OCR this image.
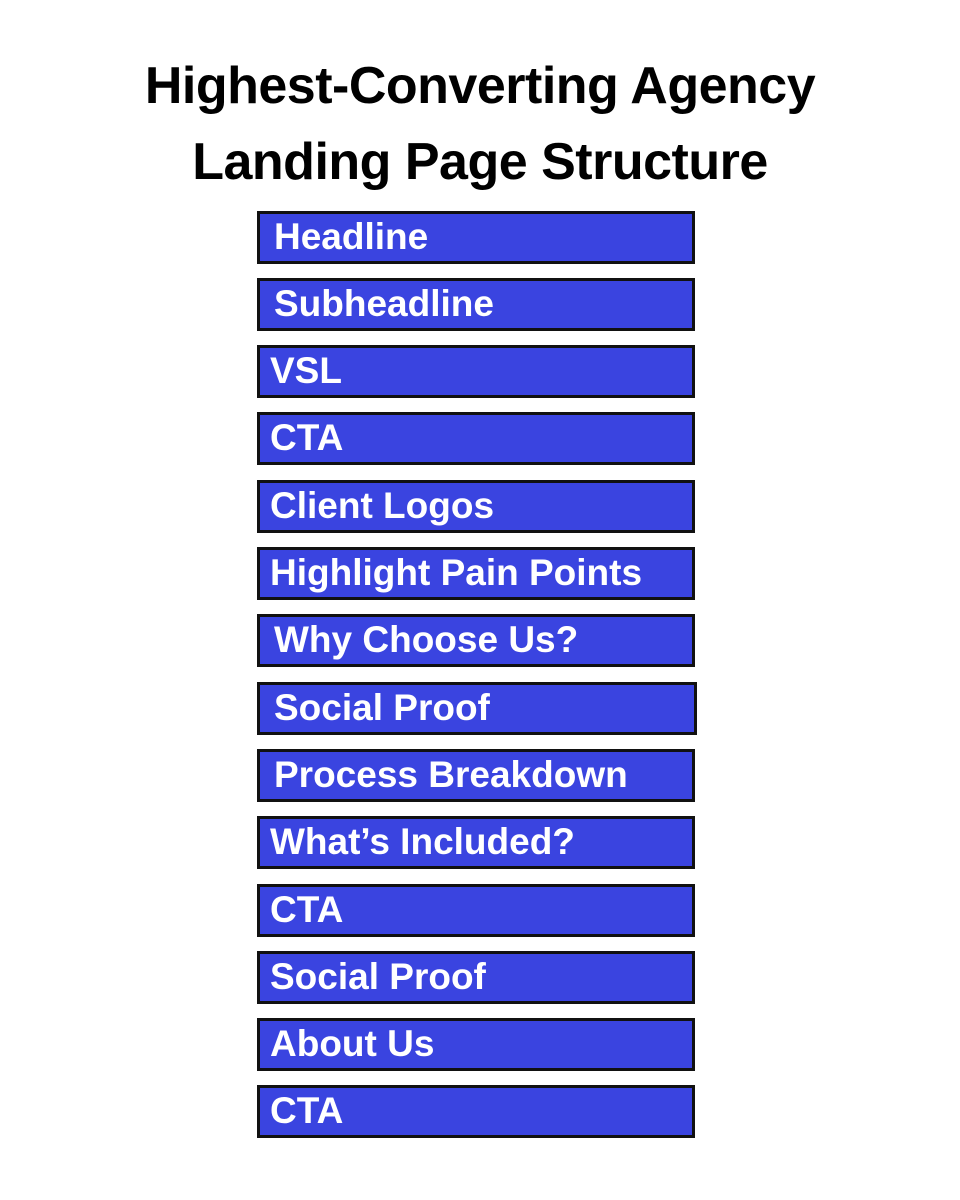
Highest-Converting Agency
Landing Page Structure
Headline
Subheadline
VSL
CTA
Client Logos
Highlight Pain Points
Why Choose Us?
Social Proof
Process Breakdown
What’s Included?
CTA
Social Proof
About Us
CTA
